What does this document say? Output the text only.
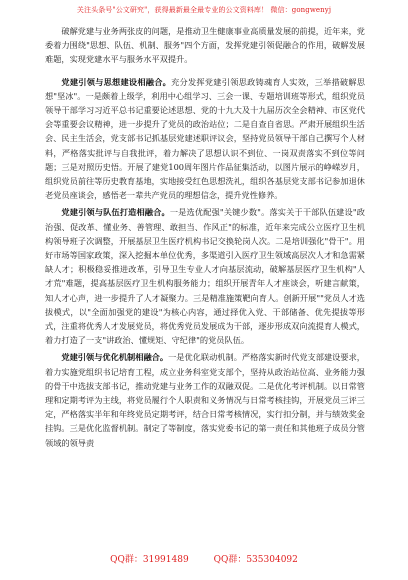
关注头条号"公文研究"，获得最新最全最专业的公文资料库！ 微信：gongwenyj

破解党建与业务两张皮的问题，是推动卫生健康事业高质量发展的前提，近年来，党委着力围绕"思想、队伍、机制、服务"四个方面，发挥党建引领促融合的作用，破解发展难题，实现党建水平与服务水平双提升。

党建引领与思想建设相融合。充分发挥党建引领思政铸魂育人实效，三举措破解思想"坚冰"。一是颇着上级学，利用中心组学习、三会一课、专题培训班等形式，组织党员领导干部学习习近平总书记重要论述思想、党的十九大及十九届历次全会精神、市区党代会等重要会议精神，进一步提升了党员的政治站位；二是自查自省思。严肃开展组织生活会、民主生活会，党支部书记抓基层党建述职评议会，坚持党员领导干部自己撰写个人材料，严格落实批评与自我批评，着力解决了思想认识不到位、一岗双责落实不到位等问题；三是对照历史悟。开展了建党100周年图片作品征集活动，以图片展示的峥嵘岁月，组织党员前往等历史教育基地，实地接受红色思想洗礼，组织各基层党支部书记参加退休老党员座谈会，感悟老一辈共产党员的理想信念，提升党性修养。

党建引领与队伍打造相融合。一是选优配强"关键少数"。落实关于干部队伍建设"政治强、促改革、懂业务、善管理、敢担当、作风正"的标准，近年来完成公立医疗卫生机构领导班子次调整，开展基层卫生医疗机构书记交换轮岗人次。二是培训强化"骨干"。用好市场等国家政策，深入挖掘本单位优秀，多渠道引入医疗卫生领域高层次人才和急需紧缺人才；积极稳妥推进改革，引导卫生专业人才向基层流动，破解基层医疗卫生机构"人才荒"难题，提高基层医疗卫生机构服务能力；组织开展青年人才座谈会，听建言献策，知人才心声，进一步提升了人才凝聚力。三是精准施策靶向育人。创新开展""党员人才选拔模式，以"全面加强党的建设"为核心内容，通过择优入党、干部储备、优先提拔等形式，注重将优秀人才发展党员，将优秀党员发展成为干部，逐步形成双向流提育人模式，着力打造了一支"讲政治、懂规矩、守纪律"的党员队伍。

党建引领与优化机制相融合。一是优化联动机制。严格落实新时代党支部建设要求，着力实施党组织书记培育工程，成立业务科室党支部个，坚持从政治站位高、业务能力强的骨干中选拔支部书记，推动党建与业务工作的双融双促。二是优化考评机制。以日常管理和定期考评为主线，将党员履行个人职责和义务情况与日常考核挂钩，开展党员三评三定，严格落实半年和年终党员定期考评，结合日常考核情况，实行扣分制，并与绩效奖金挂钩。三是优化监督机制。制定了等制度，落实党委书记的第一责任和其他班子成员分管领域的领导责

QQ群：31991489	QQ群：535304092
